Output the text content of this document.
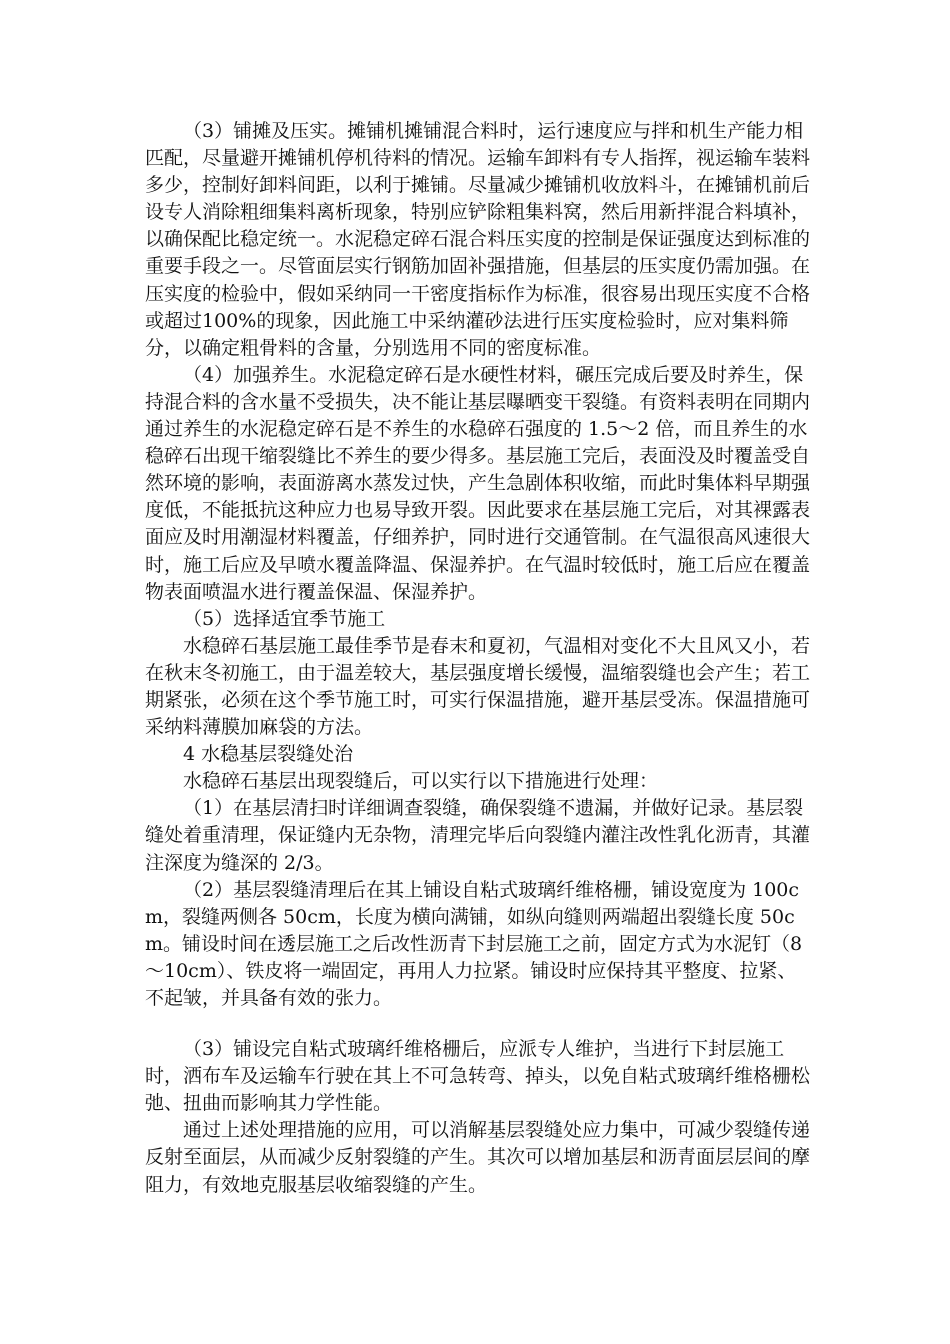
（3）铺摊及压实。摊铺机摊铺混合料时，运行速度应与拌和机生产能力相匹配，尽量避开摊铺机停机待料的情况。运输车卸料有专人指挥，视运输车装料多少，控制好卸料间距，以利于摊铺。尽量减少摊铺机收放料斗，在摊铺机前后设专人消除粗细集料离析现象，特别应铲除粗集料窝，然后用新拌混合料填补，以确保配比稳定统一。水泥稳定碎石混合料压实度的控制是保证强度达到标准的重要手段之一。尽管面层实行钢筋加固补强措施，但基层的压实度仍需加强。在压实度的检验中，假如采纳同一干密度指标作为标准，很容易出现压实度不合格或超过100%的现象，因此施工中采纳灌砂法进行压实度检验时，应对集料筛分，以确定粗骨料的含量，分别选用不同的密度标准。

（4）加强养生。水泥稳定碎石是水硬性材料，碾压完成后要及时养生，保持混合料的含水量不受损失，决不能让基层曝晒变干裂缝。有资料表明在同期内通过养生的水泥稳定碎石是不养生的水稳碎石强度的 1.5～2 倍，而且养生的水稳碎石出现干缩裂缝比不养生的要少得多。基层施工完后，表面没及时覆盖受自然环境的影响，表面游离水蒸发过快，产生急剧体积收缩，而此时集体料早期强度低，不能抵抗这种应力也易导致开裂。因此要求在基层施工完后，对其裸露表面应及时用潮湿材料覆盖，仔细养护，同时进行交通管制。在气温很高风速很大时，施工后应及早喷水覆盖降温、保湿养护。在气温时较低时，施工后应在覆盖物表面喷温水进行覆盖保温、保湿养护。

（5）选择适宜季节施工

水稳碎石基层施工最佳季节是春末和夏初，气温相对变化不大且风又小，若在秋末冬初施工，由于温差较大，基层强度增长缓慢，温缩裂缝也会产生；若工期紧张，必须在这个季节施工时，可实行保温措施，避开基层受冻。保温措施可采纳料薄膜加麻袋的方法。

4 水稳基层裂缝处治

水稳碎石基层出现裂缝后，可以实行以下措施进行处理：

（1）在基层清扫时详细调查裂缝，确保裂缝不遗漏，并做好记录。基层裂缝处着重清理，保证缝内无杂物，清理完毕后向裂缝内灌注改性乳化沥青，其灌注深度为缝深的 2/3。

（2）基层裂缝清理后在其上铺设自粘式玻璃纤维格栅，铺设宽度为 100cm，裂缝两侧各 50cm，长度为横向满铺，如纵向缝则两端超出裂缝长度 50cm。铺设时间在透层施工之后改性沥青下封层施工之前，固定方式为水泥钉（8～10cm）、铁皮将一端固定，再用人力拉紧。铺设时应保持其平整度、拉紧、不起皱，并具备有效的张力。

（3）铺设完自粘式玻璃纤维格栅后，应派专人维护，当进行下封层施工时，洒布车及运输车行驶在其上不可急转弯、掉头，以免自粘式玻璃纤维格栅松弛、扭曲而影响其力学性能。

通过上述处理措施的应用，可以消解基层裂缝处应力集中，可减少裂缝传递反射至面层，从而减少反射裂缝的产生。其次可以增加基层和沥青面层层间的摩阻力，有效地克服基层收缩裂缝的产生。
